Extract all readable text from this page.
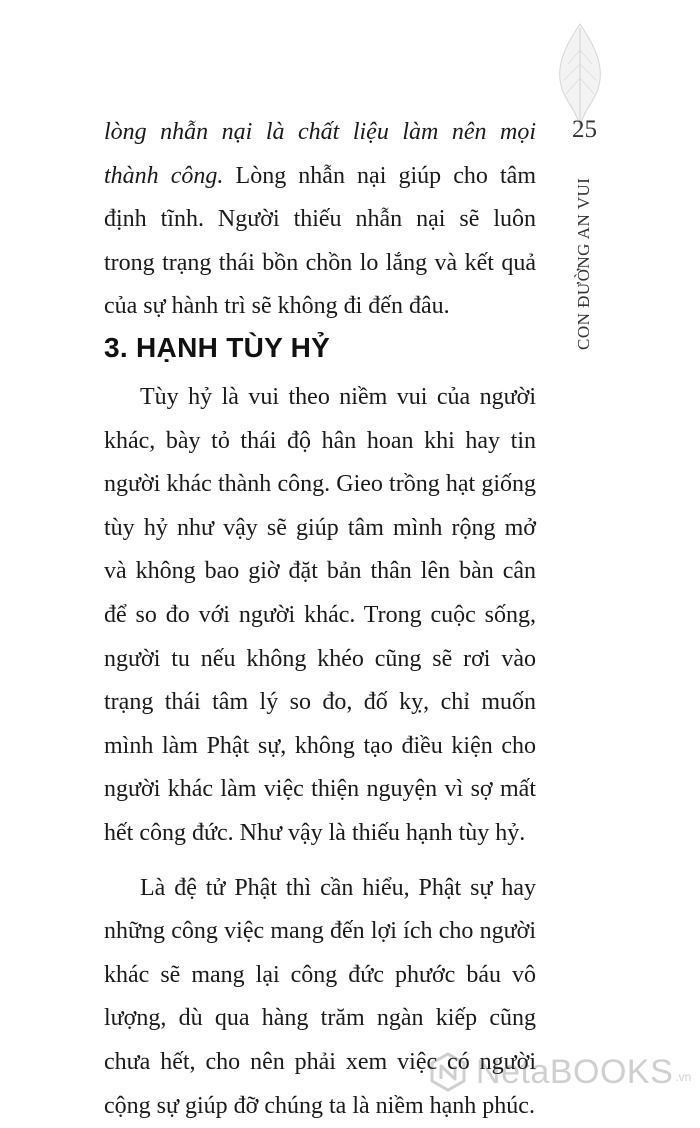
25
CON ĐƯỜNG AN VUI

lòng nhẫn nại là chất liệu làm nên mọi thành công. Lòng nhẫn nại giúp cho tâm định tĩnh. Người thiếu nhẫn nại sẽ luôn trong trạng thái bồn chồn lo lắng và kết quả của sự hành trì sẽ không đi đến đâu.

3. HẠNH TÙY HỶ

Tùy hỷ là vui theo niềm vui của người khác, bày tỏ thái độ hân hoan khi hay tin người khác thành công. Gieo trồng hạt giống tùy hỷ như vậy sẽ giúp tâm mình rộng mở và không bao giờ đặt bản thân lên bàn cân để so đo với người khác. Trong cuộc sống, người tu nếu không khéo cũng sẽ rơi vào trạng thái tâm lý so đo, đố kỵ, chỉ muốn mình làm Phật sự, không tạo điều kiện cho người khác làm việc thiện nguyện vì sợ mất hết công đức. Như vậy là thiếu hạnh tùy hỷ.

Là đệ tử Phật thì cần hiểu, Phật sự hay những công việc mang đến lợi ích cho người khác sẽ mang lại công đức phước báu vô lượng, dù qua hàng trăm ngàn kiếp cũng chưa hết, cho nên phải xem việc có người cộng sự giúp đỡ chúng ta là niềm hạnh phúc.

NetaBOOKS .vn
